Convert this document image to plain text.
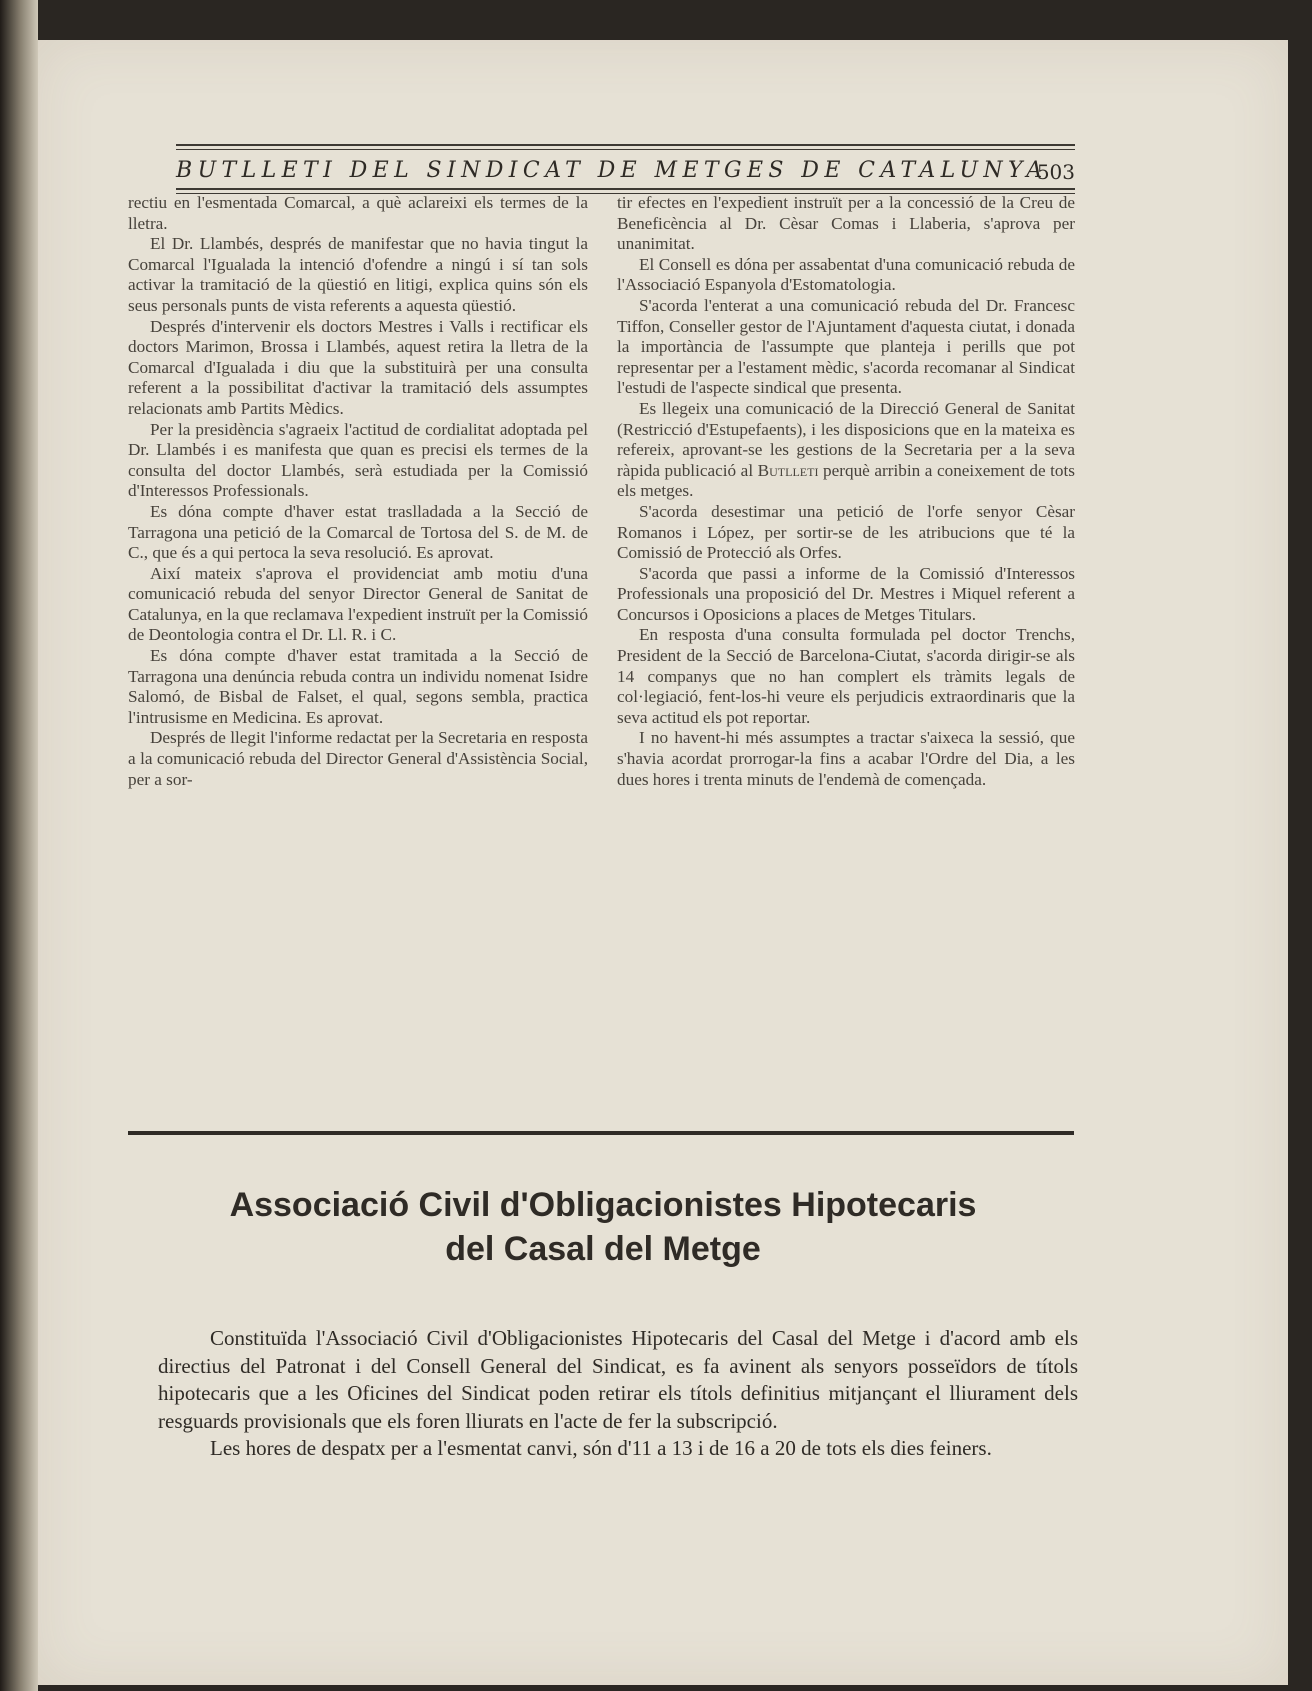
BUTLLETI DEL SINDICAT DE METGES DE CATALUNYA
503

rectiu en l'esmentada Comarcal, a què aclareixi els termes de la lletra.

El Dr. Llambés, després de manifestar que no havia tingut la Comarcal l'Igualada la intenció d'ofendre a ningú i sí tan sols activar la tramitació de la qüestió en litigi, explica quins són els seus personals punts de vista referents a aquesta qüestió.

Després d'intervenir els doctors Mestres i Valls i rectificar els doctors Marimon, Brossa i Llambés, aquest retira la lletra de la Comarcal d'Igualada i diu que la substituirà per una consulta referent a la possibilitat d'activar la tramitació dels assumptes relacionats amb Partits Mèdics.

Per la presidència s'agraeix l'actitud de cordialitat adoptada pel Dr. Llambés i es manifesta que quan es precisi els termes de la consulta del doctor Llambés, serà estudiada per la Comissió d'Interessos Professionals.

Es dóna compte d'haver estat traslladada a la Secció de Tarragona una petició de la Comarcal de Tortosa del S. de M. de C., que és a qui pertoca la seva resolució. Es aprovat.

Així mateix s'aprova el providenciat amb motiu d'una comunicació rebuda del senyor Director General de Sanitat de Catalunya, en la que reclamava l'expedient instruït per la Comissió de Deontologia contra el Dr. Ll. R. i C.

Es dóna compte d'haver estat tramitada a la Secció de Tarragona una denúncia rebuda contra un individu nomenat Isidre Salomó, de Bisbal de Falset, el qual, segons sembla, practica l'intrusisme en Medicina. Es aprovat.

Després de llegit l'informe redactat per la Secretaria en resposta a la comunicació rebuda del Director General d'Assistència Social, per a sor-

tir efectes en l'expedient instruït per a la concessió de la Creu de Beneficència al Dr. Cèsar Comas i Llaberia, s'aprova per unanimitat.

El Consell es dóna per assabentat d'una comunicació rebuda de l'Associació Espanyola d'Estomatologia.

S'acorda l'enterat a una comunicació rebuda del Dr. Francesc Tiffon, Conseller gestor de l'Ajuntament d'aquesta ciutat, i donada la importància de l'assumpte que planteja i perills que pot representar per a l'estament mèdic, s'acorda recomanar al Sindicat l'estudi de l'aspecte sindical que presenta.

Es llegeix una comunicació de la Direcció General de Sanitat (Restricció d'Estupefaents), i les disposicions que en la mateixa es refereix, aprovant-se les gestions de la Secretaria per a la seva ràpida publicació al Butlleti perquè arribin a coneixement de tots els metges.

S'acorda desestimar una petició de l'orfe senyor Cèsar Romanos i López, per sortir-se de les atribucions que té la Comissió de Protecció als Orfes.

S'acorda que passi a informe de la Comissió d'Interessos Professionals una proposició del Dr. Mestres i Miquel referent a Concursos i Oposicions a places de Metges Titulars.

En resposta d'una consulta formulada pel doctor Trenchs, President de la Secció de Barcelona-Ciutat, s'acorda dirigir-se als 14 companys que no han complert els tràmits legals de col·legiació, fent-los-hi veure els perjudicis extraordinaris que la seva actitud els pot reportar.

I no havent-hi més assumptes a tractar s'aixeca la sessió, que s'havia acordat prorrogar-la fins a acabar l'Ordre del Dia, a les dues hores i trenta minuts de l'endemà de començada.

Associació Civil d'Obligacionistes Hipotecaris
del Casal del Metge

Constituïda l'Associació Civil d'Obligacionistes Hipotecaris del Casal del Metge i d'acord amb els directius del Patronat i del Consell General del Sindicat, es fa avinent als senyors posseïdors de títols hipotecaris que a les Oficines del Sindicat poden retirar els títols definitius mitjançant el lliurament dels resguards provisionals que els foren lliurats en l'acte de fer la subscripció.

Les hores de despatx per a l'esmentat canvi, són d'11 a 13 i de 16 a 20 de tots els dies feiners.
